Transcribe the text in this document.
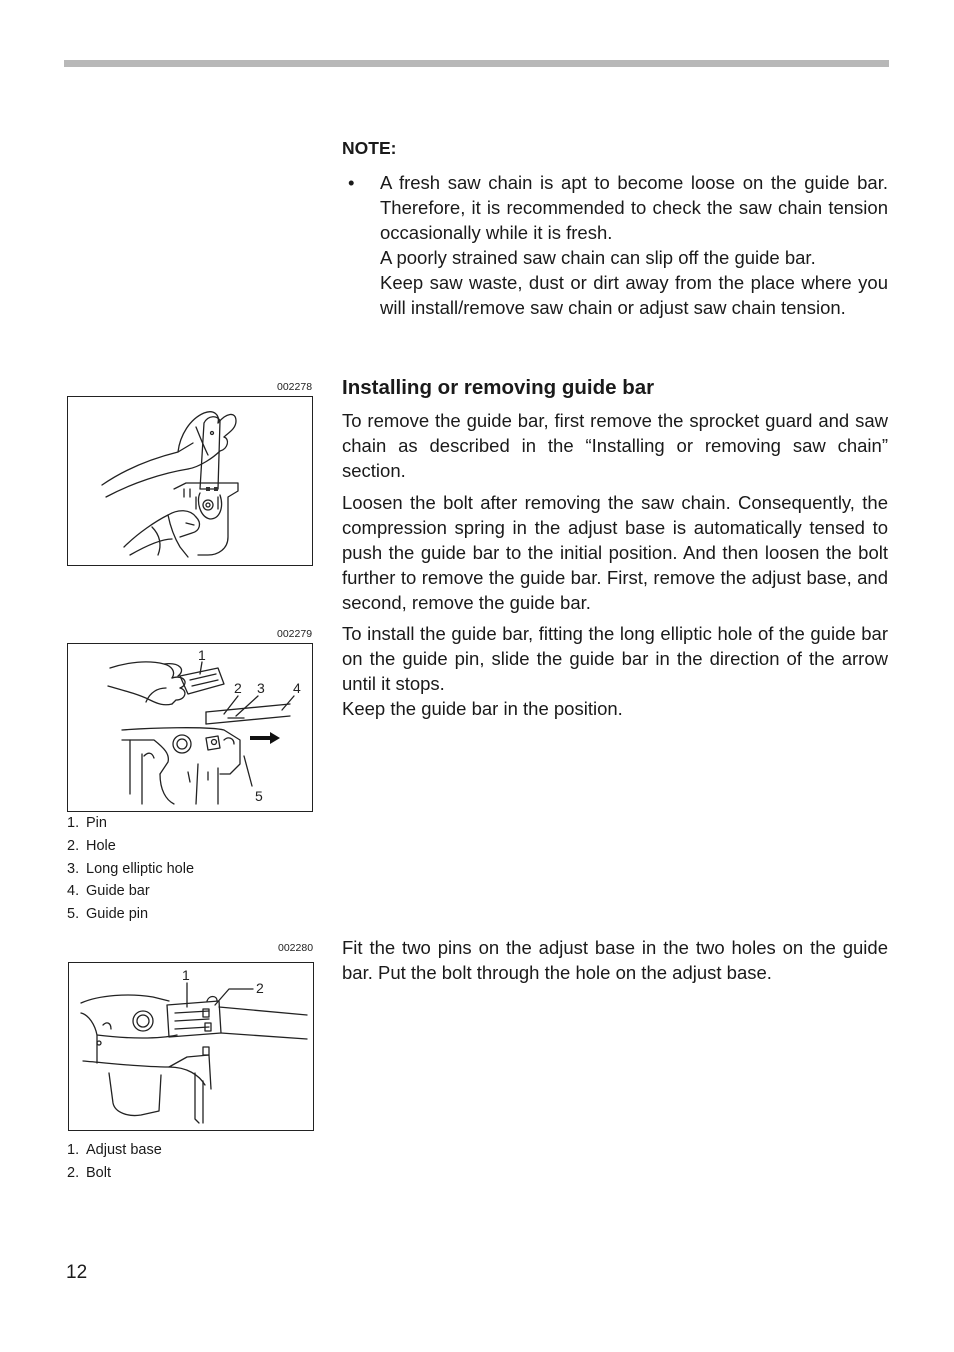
NOTE:
• A fresh saw chain is apt to become loose on the guide bar. Therefore, it is recommended to check the saw chain tension occasionally while it is fresh.

A poorly strained saw chain can slip off the guide bar.

Keep saw waste, dust or dirt away from the place where you will install/remove saw chain or adjust saw chain tension.

Installing or removing guide bar

To remove the guide bar, first remove the sprocket guard and saw chain as described in the “Installing or removing saw chain” section.

Loosen the bolt after removing the saw chain. Consequently, the compression spring in the adjust base is automatically tensed to push the guide bar to the initial position. And then loosen the bolt further to remove the guide bar. First, remove the adjust base, and second, remove the guide bar.

To install the guide bar, fitting the long elliptic hole of the guide bar on the guide pin, slide the guide bar in the direction of the arrow until it stops.
Keep the guide bar in the position.

Fit the two pins on the adjust base in the two holes on the guide bar. Put the bolt through the hole on the adjust base.

002278
002279
1
2 3 4
5
1. Pin
2. Hole
3. Long elliptic hole
4. Guide bar
5. Guide pin
002280
1
2
1. Adjust base
2. Bolt
12
